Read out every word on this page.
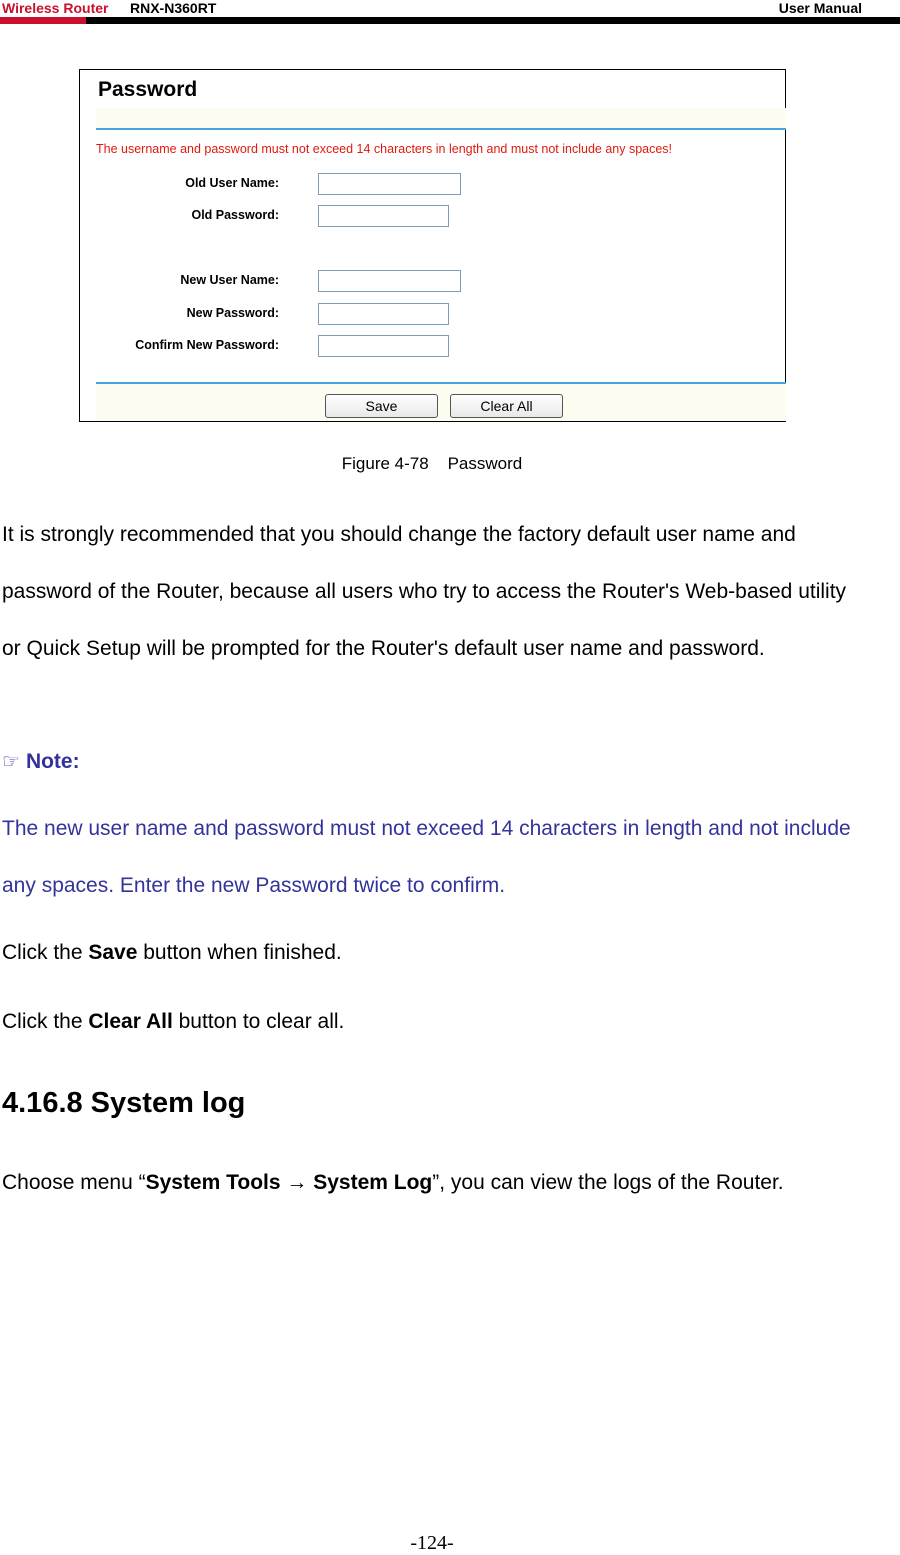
Wireless Router RNX-N360RT	User Manual
Password
The username and password must not exceed 14 characters in length and must not include any spaces!
Old User Name:
Old Password:
New User Name:
New Password:
Confirm New Password:
Save	Clear All
Figure 4-78    Password

It is strongly recommended that you should change the factory default user name and password of the Router, because all users who try to access the Router's Web-based utility or Quick Setup will be prompted for the Router's default user name and password.

☞ Note:

The new user name and password must not exceed 14 characters in length and not include any spaces. Enter the new Password twice to confirm.

Click the Save button when finished.
Click the Clear All button to clear all.
4.16.8 System log

Choose menu “System Tools → System Log”, you can view the logs of the Router.

-124-
